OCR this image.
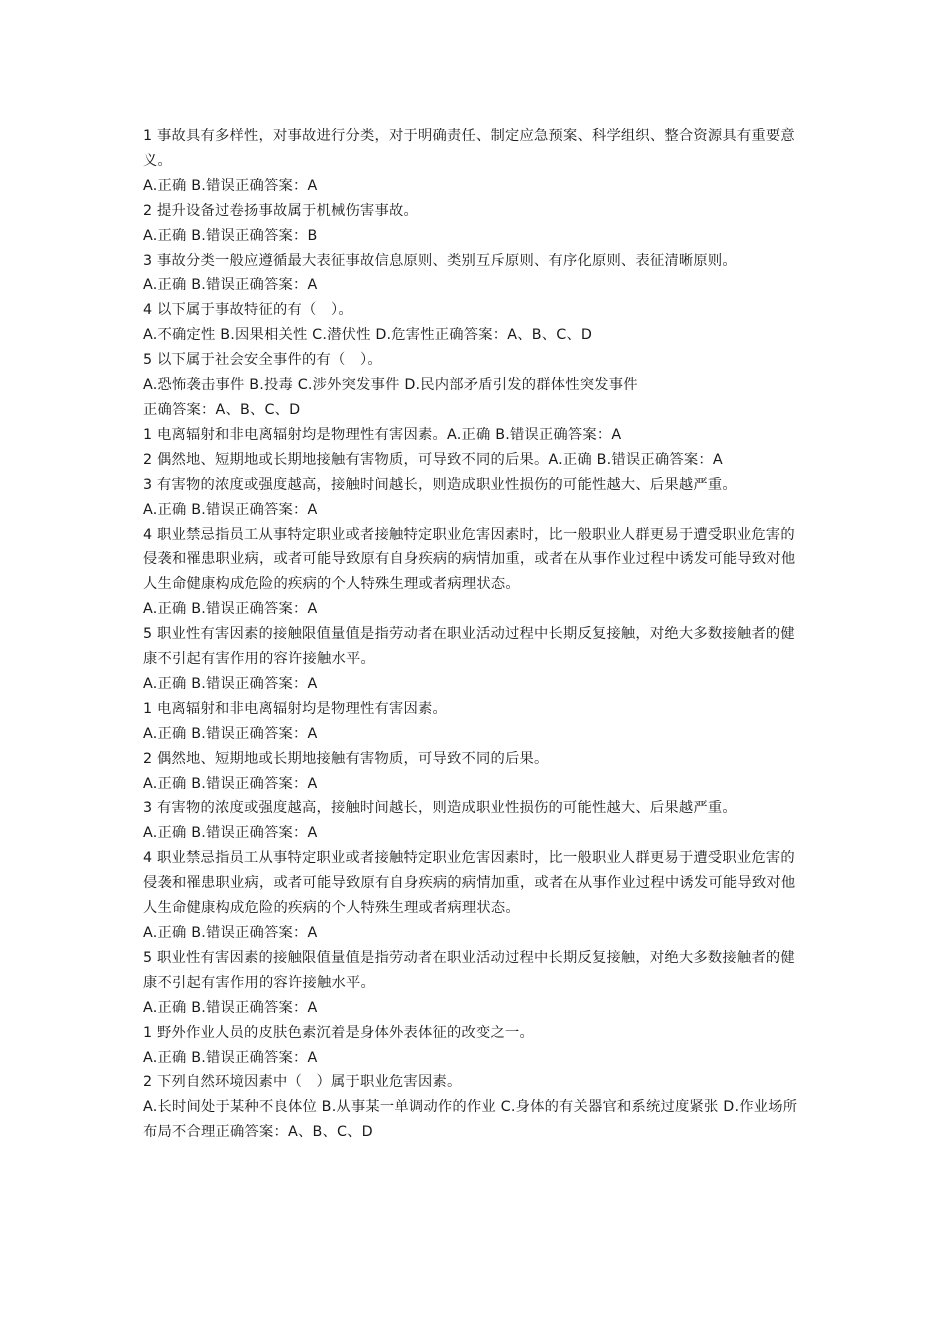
1 事故具有多样性，对事故进行分类，对于明确责任、制定应急预案、科学组织、整合资源具有重要意义。

A.正确 B.错误正确答案：A

2 提升设备过卷扬事故属于机械伤害事故。

A.正确 B.错误正确答案：B

3 事故分类一般应遵循最大表征事故信息原则、类别互斥原则、有序化原则、表征清晰原则。

A.正确 B.错误正确答案：A

4 以下属于事故特征的有（　）。

A.不确定性 B.因果相关性 C.潜伏性 D.危害性正确答案：A、B、C、D

5 以下属于社会安全事件的有（　）。

A.恐怖袭击事件 B.投毒 C.涉外突发事件 D.民内部矛盾引发的群体性突发事件

正确答案：A、B、C、D

1 电离辐射和非电离辐射均是物理性有害因素。A.正确 B.错误正确答案：A

2 偶然地、短期地或长期地接触有害物质，可导致不同的后果。A.正确 B.错误正确答案：A

3 有害物的浓度或强度越高，接触时间越长，则造成职业性损伤的可能性越大、后果越严重。

A.正确 B.错误正确答案：A

4 职业禁忌指员工从事特定职业或者接触特定职业危害因素时，比一般职业人群更易于遭受职业危害的侵袭和罹患职业病，或者可能导致原有自身疾病的病情加重，或者在从事作业过程中诱发可能导致对他人生命健康构成危险的疾病的个人特殊生理或者病理状态。

A.正确 B.错误正确答案：A

5 职业性有害因素的接触限值量值是指劳动者在职业活动过程中长期反复接触，对绝大多数接触者的健康不引起有害作用的容许接触水平。

A.正确 B.错误正确答案：A

1 电离辐射和非电离辐射均是物理性有害因素。

A.正确 B.错误正确答案：A

2 偶然地、短期地或长期地接触有害物质，可导致不同的后果。

A.正确 B.错误正确答案：A

3 有害物的浓度或强度越高，接触时间越长，则造成职业性损伤的可能性越大、后果越严重。

A.正确 B.错误正确答案：A

4 职业禁忌指员工从事特定职业或者接触特定职业危害因素时，比一般职业人群更易于遭受职业危害的侵袭和罹患职业病，或者可能导致原有自身疾病的病情加重，或者在从事作业过程中诱发可能导致对他人生命健康构成危险的疾病的个人特殊生理或者病理状态。

A.正确 B.错误正确答案：A

5 职业性有害因素的接触限值量值是指劳动者在职业活动过程中长期反复接触，对绝大多数接触者的健康不引起有害作用的容许接触水平。

A.正确 B.错误正确答案：A

1 野外作业人员的皮肤色素沉着是身体外表体征的改变之一。

A.正确 B.错误正确答案：A

2 下列自然环境因素中（　）属于职业危害因素。

A.长时间处于某种不良体位 B.从事某一单调动作的作业 C.身体的有关器官和系统过度紧张 D.作业场所布局不合理正确答案：A、B、C、D
